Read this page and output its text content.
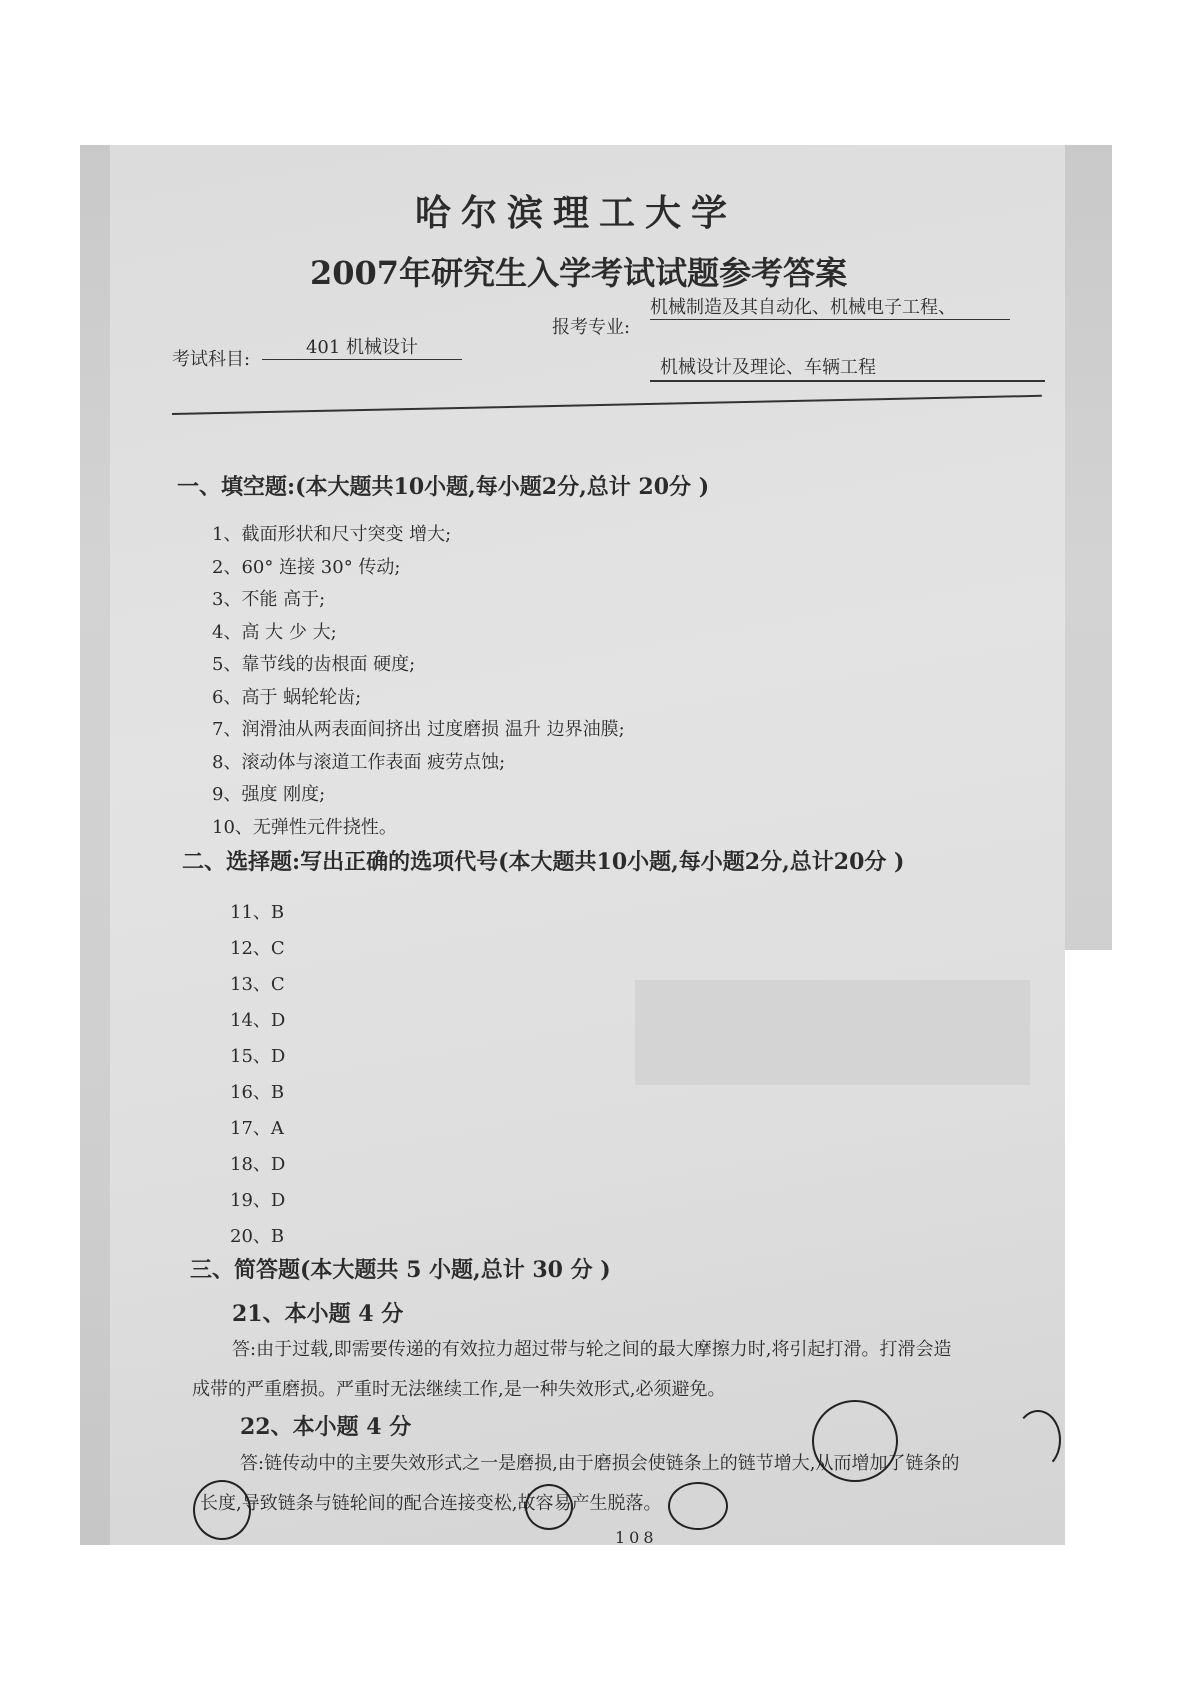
哈尔滨理工大学
2007年研究生入学考试试题参考答案
考试科目:
401 机械设计
报考专业:
机械制造及其自动化、机械电子工程、
机械设计及理论、车辆工程
一、填空题:(本大题共10小题,每小题2分,总计 20分 )
1、截面形状和尺寸突变 增大;
2、60° 连接 30° 传动;
3、不能 高于;
4、高 大 少 大;
5、靠节线的齿根面 硬度;
6、高于 蜗轮轮齿;
7、润滑油从两表面间挤出 过度磨损 温升 边界油膜;
8、滚动体与滚道工作表面 疲劳点蚀;
9、强度 刚度;
10、无弹性元件挠性。
二、选择题:写出正确的选项代号(本大题共10小题,每小题2分,总计20分 )
11、B
12、C
13、C
14、D
15、D
16、B
17、A
18、D
19、D
20、B
三、简答题(本大题共 5 小题,总计 30 分 )
21、本小题 4 分
答:由于过载,即需要传递的有效拉力超过带与轮之间的最大摩擦力时,将引起打滑。打滑会造
成带的严重磨损。严重时无法继续工作,是一种失效形式,必须避免。
22、本小题 4 分
答:链传动中的主要失效形式之一是磨损,由于磨损会使链条上的链节增大,从而增加了链条的
长度,导致链条与链轮间的配合连接变松,故容易产生脱落。
108
